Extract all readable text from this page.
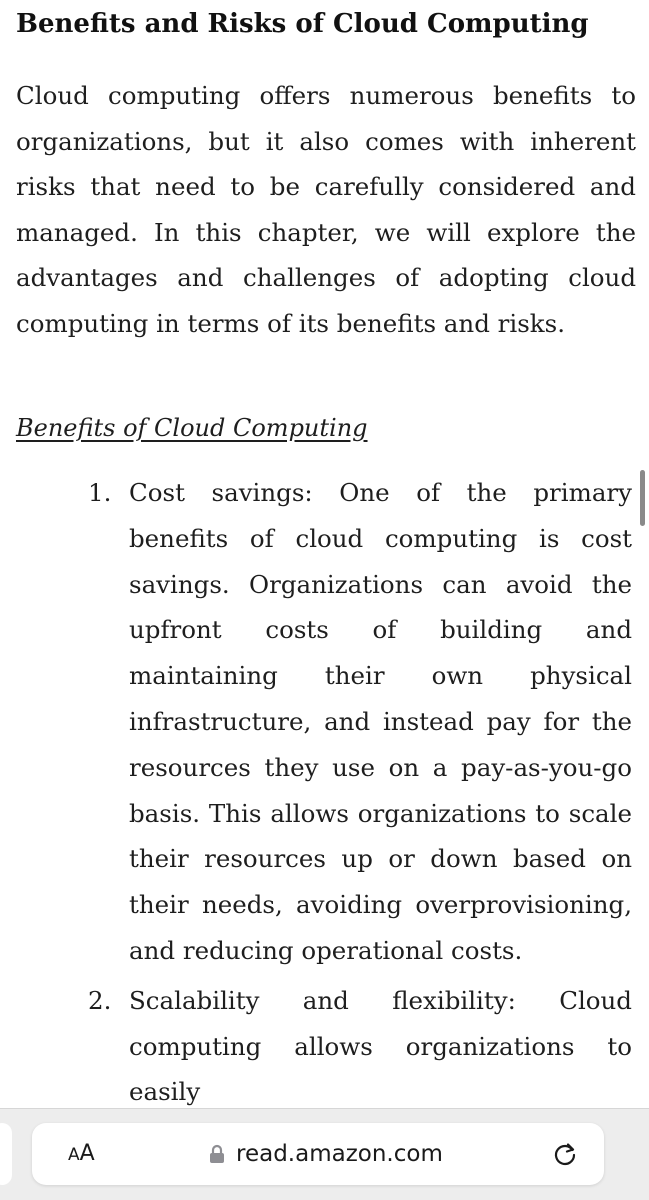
Benefits and Risks of Cloud Computing

Cloud computing offers numerous benefits to organizations, but it also comes with inherent risks that need to be carefully considered and managed. In this chapter, we will explore the advantages and challenges of adopting cloud computing in terms of its benefits and risks.

Benefits of Cloud Computing
1. Cost savings: One of the primary benefits of cloud computing is cost savings. Organizations can avoid the upfront costs of building and maintaining their own physical infrastructure, and instead pay for the resources they use on a pay-as-you-go basis. This allows organizations to scale their resources up or down based on their needs, avoiding overprovisioning, and reducing operational costs.
2. Scalability and flexibility: Cloud computing allows organizations to easily
AA	read.amazon.com
